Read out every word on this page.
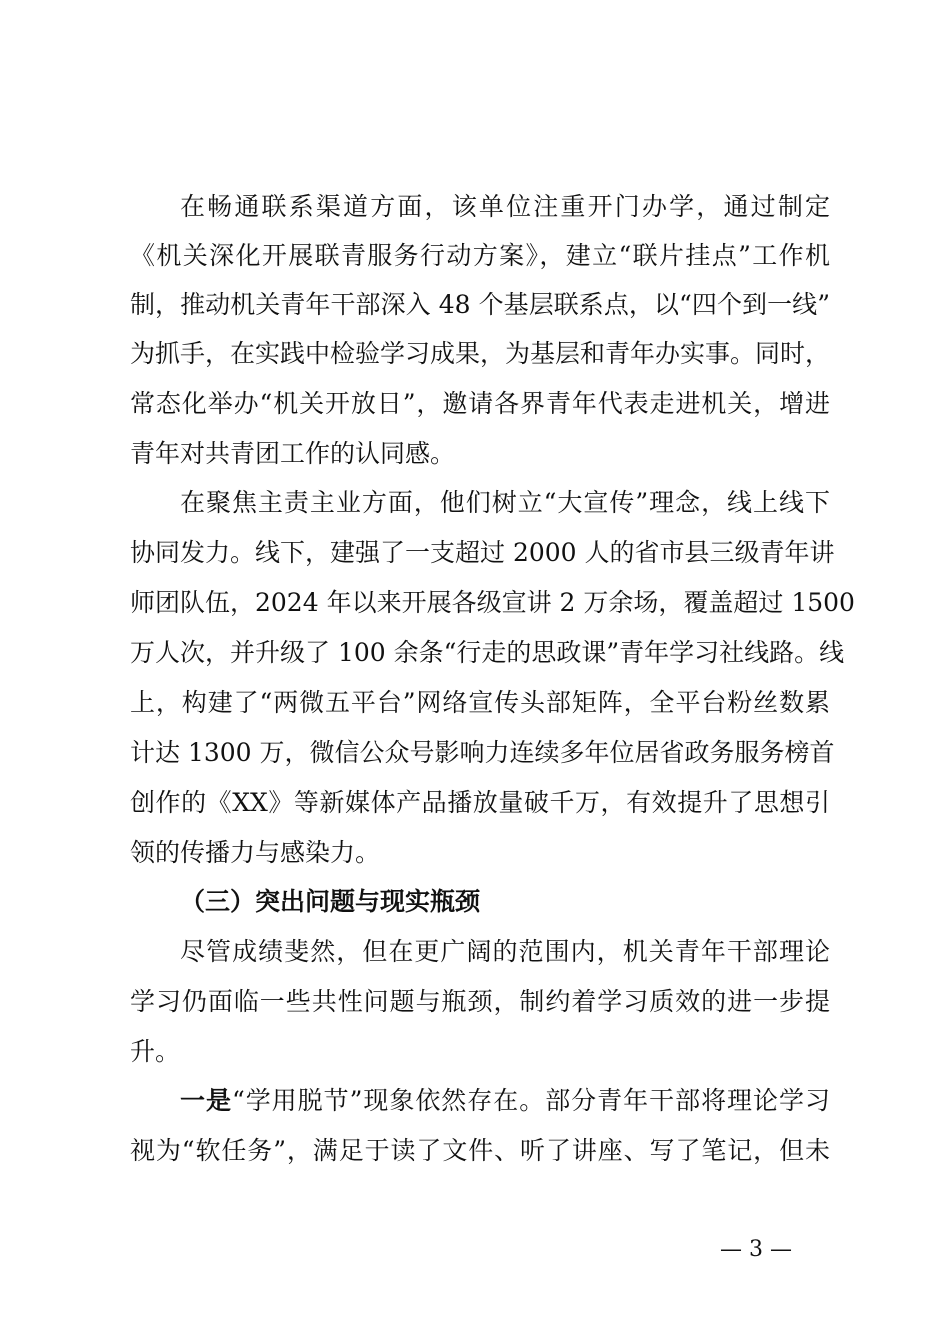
在畅通联系渠道方面，该单位注重开门办学，通过制定
《机关深化开展联青服务行动方案》，建立“联片挂点”工作机
制，推动机关青年干部深入 48 个基层联系点，以“四个到一线”
为抓手，在实践中检验学习成果，为基层和青年办实事。同时，
常态化举办“机关开放日”，邀请各界青年代表走进机关，增进
青年对共青团工作的认同感。
在聚焦主责主业方面，他们树立“大宣传”理念，线上线下
协同发力。线下，建强了一支超过 2000 人的省市县三级青年讲
师团队伍，2024 年以来开展各级宣讲 2 万余场，覆盖超过 1500
万人次，并升级了 100 余条“行走的思政课”青年学习社线路。线
上，构建了“两微五平台”网络宣传头部矩阵，全平台粉丝数累
计达 1300 万，微信公众号影响力连续多年位居省政务服务榜首
创作的《XX》等新媒体产品播放量破千万，有效提升了思想引
领的传播力与感染力。
（三）突出问题与现实瓶颈
尽管成绩斐然，但在更广阔的范围内，机关青年干部理论
学习仍面临一些共性问题与瓶颈，制约着学习质效的进一步提
升。
一是“学用脱节”现象依然存在。部分青年干部将理论学习
视为“软任务”，满足于读了文件、听了讲座、写了笔记，但未
— 3 —
